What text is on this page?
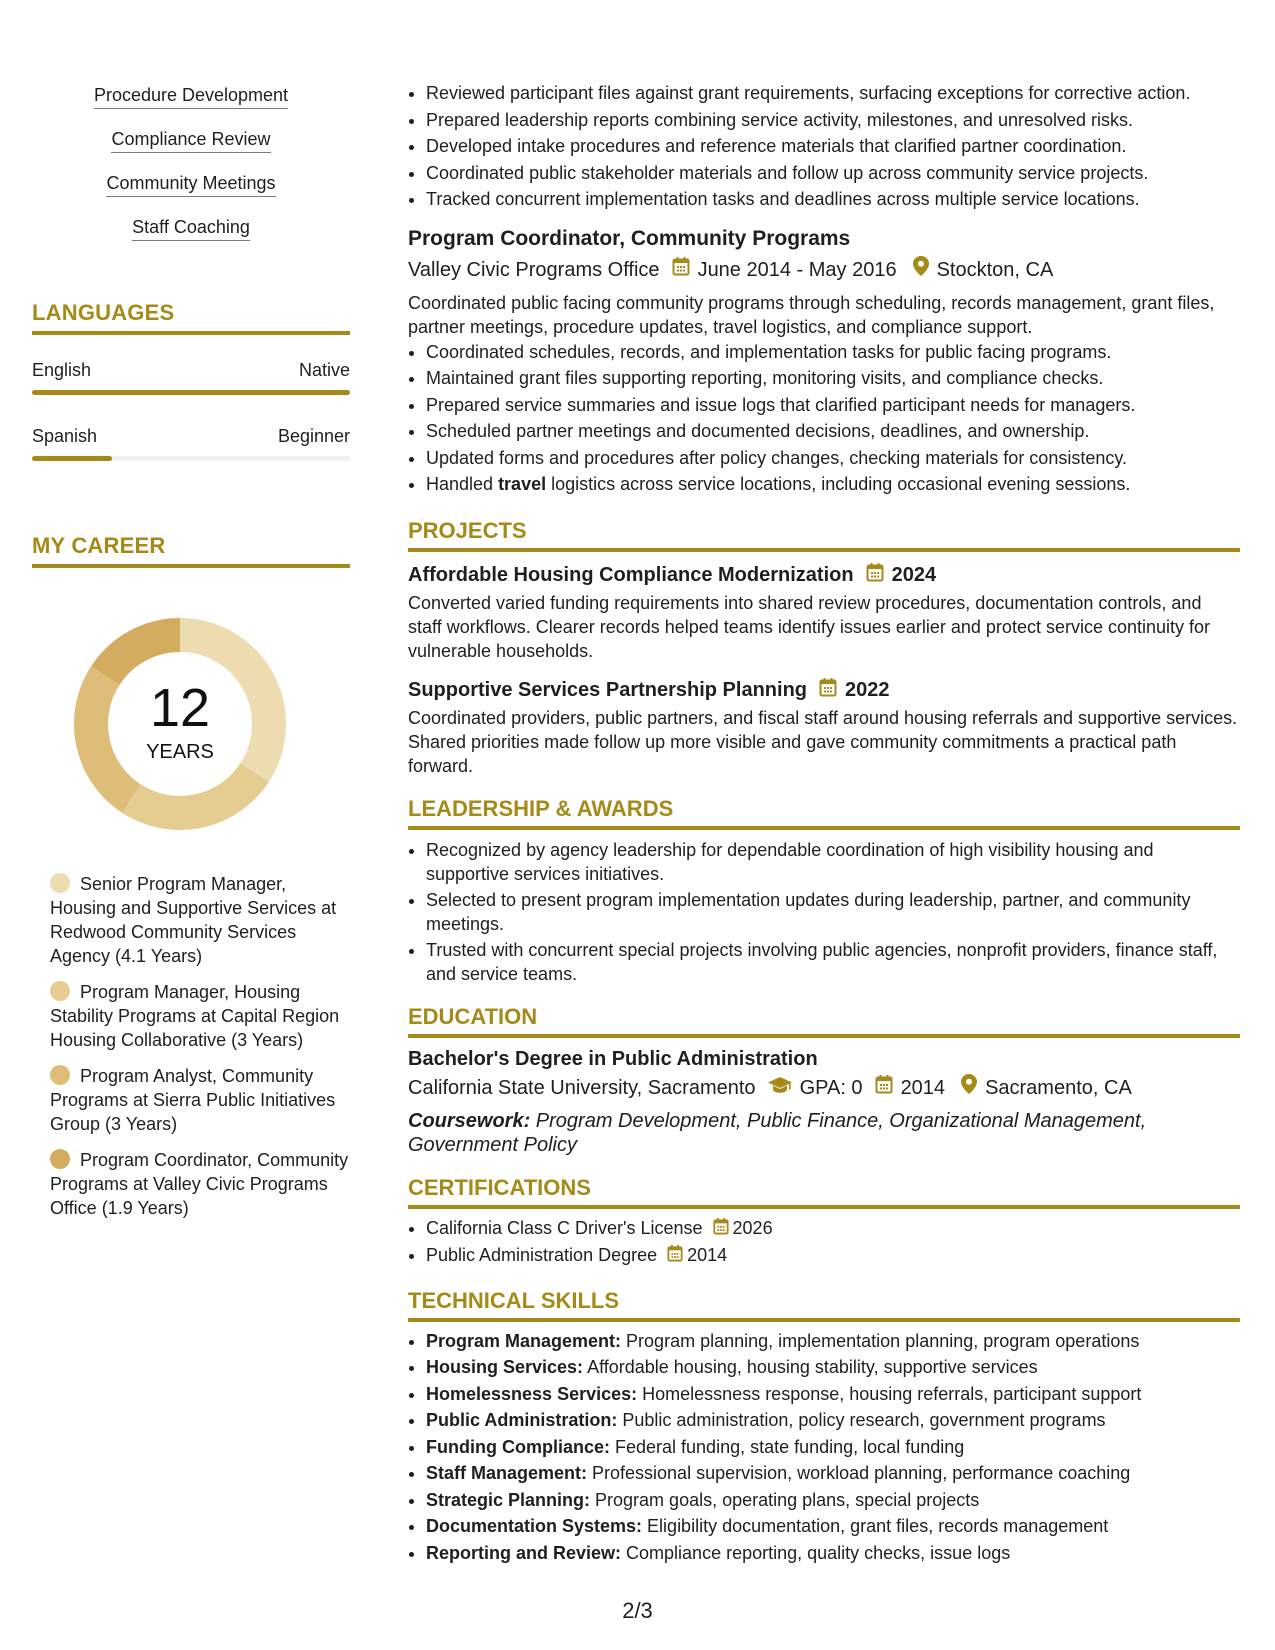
Procedure Development
Compliance Review
Community Meetings
Staff Coaching
LANGUAGES
English	Native
Spanish	Beginner
MY CAREER
12
YEARS
Senior Program Manager, Housing and Supportive Services at Redwood Community Services Agency (4.1 Years)
Program Manager, Housing Stability Programs at Capital Region Housing Collaborative (3 Years)
Program Analyst, Community Programs at Sierra Public Initiatives Group (3 Years)
Program Coordinator, Community Programs at Valley Civic Programs Office (1.9 Years)
• Reviewed participant files against grant requirements, surfacing exceptions for corrective action.
• Prepared leadership reports combining service activity, milestones, and unresolved risks.
• Developed intake procedures and reference materials that clarified partner coordination.
• Coordinated public stakeholder materials and follow up across community service projects.
• Tracked concurrent implementation tasks and deadlines across multiple service locations.
Program Coordinator, Community Programs
Valley Civic Programs Office June 2014 - May 2016 Stockton, CA
Coordinated public facing community programs through scheduling, records management, grant files, partner meetings, procedure updates, travel logistics, and compliance support.
• Coordinated schedules, records, and implementation tasks for public facing programs.
• Maintained grant files supporting reporting, monitoring visits, and compliance checks.
• Prepared service summaries and issue logs that clarified participant needs for managers.
• Scheduled partner meetings and documented decisions, deadlines, and ownership.
• Updated forms and procedures after policy changes, checking materials for consistency.
• Handled travel logistics across service locations, including occasional evening sessions.
PROJECTS
Affordable Housing Compliance Modernization 2024
Converted varied funding requirements into shared review procedures, documentation controls, and staff workflows. Clearer records helped teams identify issues earlier and protect service continuity for vulnerable households.
Supportive Services Partnership Planning 2022
Coordinated providers, public partners, and fiscal staff around housing referrals and supportive services. Shared priorities made follow up more visible and gave community commitments a practical path forward.
LEADERSHIP & AWARDS
• Recognized by agency leadership for dependable coordination of high visibility housing and supportive services initiatives.
• Selected to present program implementation updates during leadership, partner, and community meetings.
• Trusted with concurrent special projects involving public agencies, nonprofit providers, finance staff, and service teams.
EDUCATION
Bachelor's Degree in Public Administration
California State University, Sacramento GPA: 0 2014 Sacramento, CA
Coursework: Program Development, Public Finance, Organizational Management, Government Policy
CERTIFICATIONS
• California Class C Driver's License 2026
• Public Administration Degree 2014
TECHNICAL SKILLS
• Program Management: Program planning, implementation planning, program operations
• Housing Services: Affordable housing, housing stability, supportive services
• Homelessness Services: Homelessness response, housing referrals, participant support
• Public Administration: Public administration, policy research, government programs
• Funding Compliance: Federal funding, state funding, local funding
• Staff Management: Professional supervision, workload planning, performance coaching
• Strategic Planning: Program goals, operating plans, special projects
• Documentation Systems: Eligibility documentation, grant files, records management
• Reporting and Review: Compliance reporting, quality checks, issue logs
2/3
